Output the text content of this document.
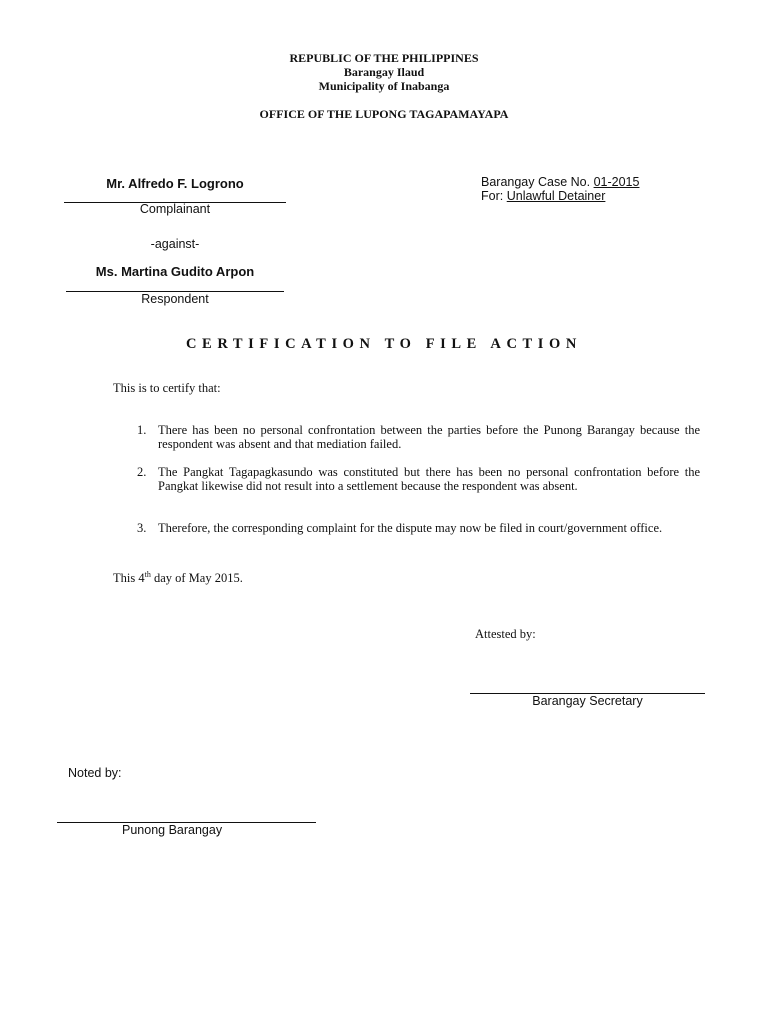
REPUBLIC OF THE PHILIPPINES
Barangay Ilaud
Municipality of Inabanga
OFFICE OF THE LUPONG TAGAPAMAYAPA
Mr. Alfredo F. Logrono
Complainant
-against-
Ms. Martina Gudito Arpon
Respondent
Barangay Case No. 01-2015
For: Unlawful Detainer
CERTIFICATION TO FILE ACTION
This is to certify that:
1. There has been no personal confrontation between the parties before the Punong Barangay because the respondent was absent and that mediation failed.
2. The Pangkat Tagapagkasundo was constituted but there has been no personal confrontation before the Pangkat likewise did not result into a settlement because the respondent was absent.
3. Therefore, the corresponding complaint for the dispute may now be filed in court/government office.
This 4th day of May 2015.
Attested by:
Barangay Secretary
Noted by:
Punong Barangay
